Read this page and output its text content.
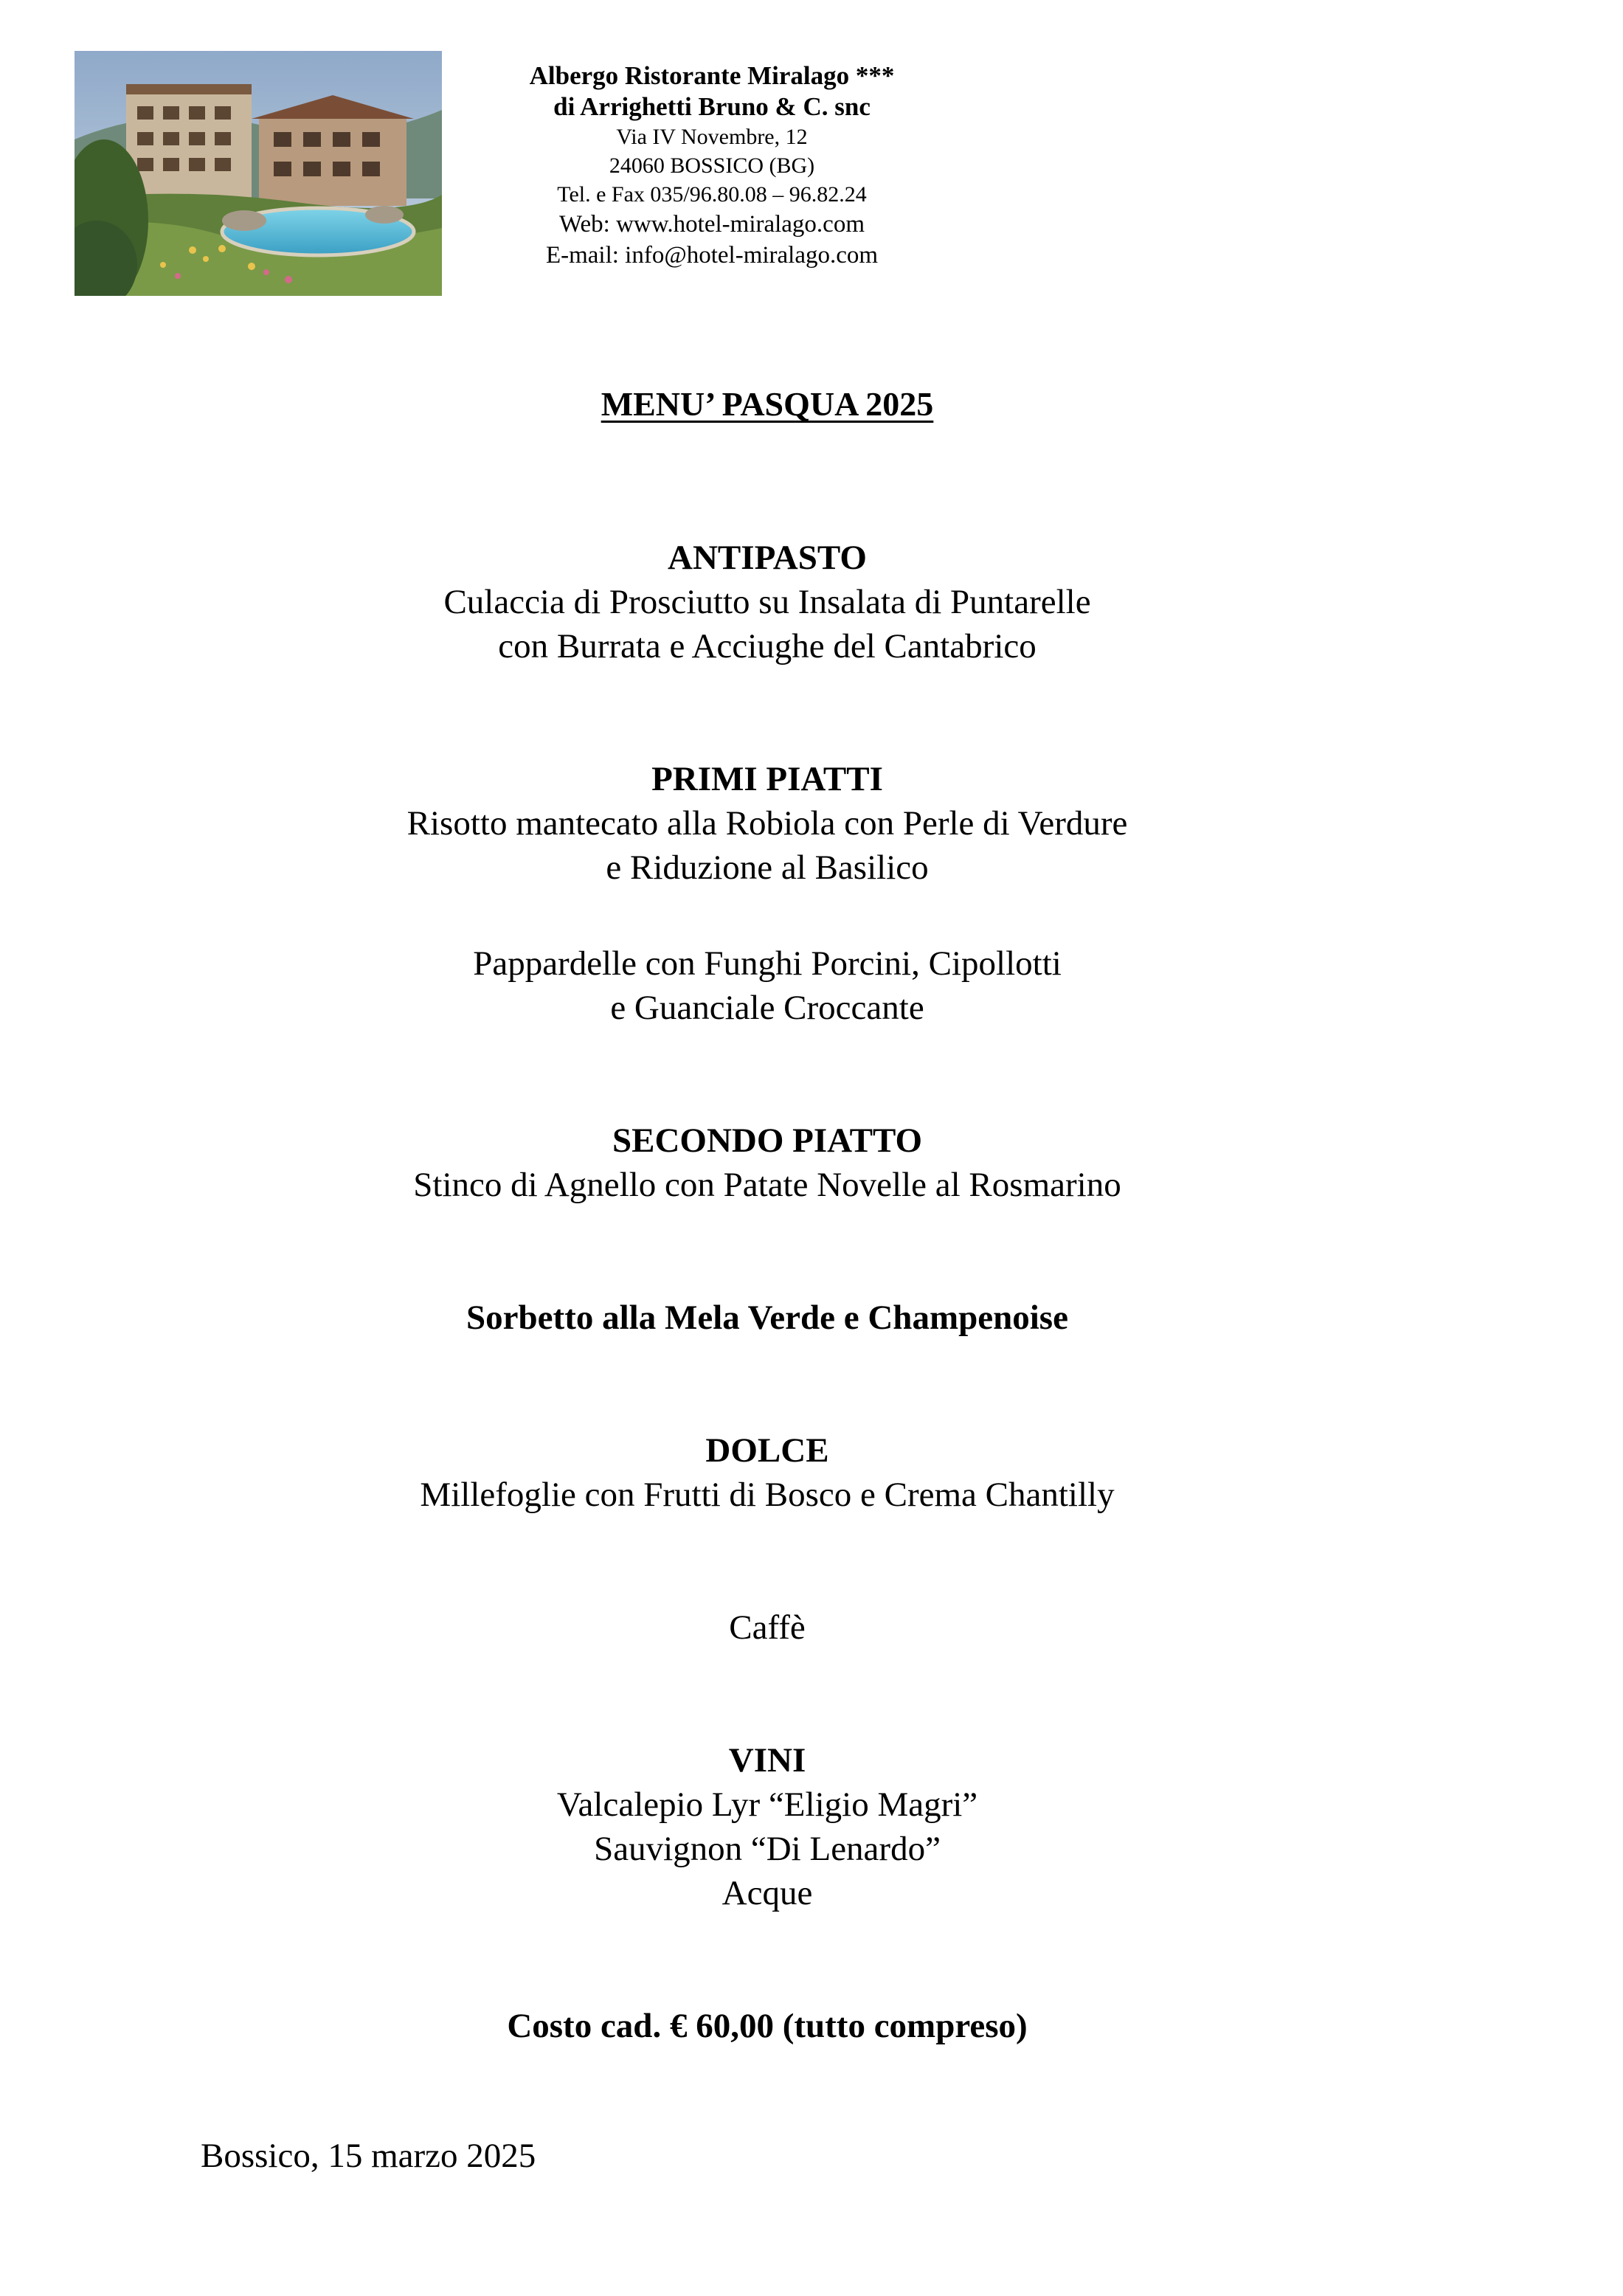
Albergo Ristorante Miralago ***
di Arrighetti Bruno & C. snc
Via IV Novembre, 12
24060 BOSSICO (BG)
Tel. e Fax 035/96.80.08 – 96.82.24
Web: www.hotel-miralago.com
E-mail: info@hotel-miralago.com
MENU’ PASQUA 2025
ANTIPASTO
Culaccia di Prosciutto su Insalata di Puntarelle
con Burrata e Acciughe del Cantabrico
PRIMI PIATTI
Risotto mantecato alla Robiola con Perle di Verdure
e Riduzione al Basilico
Pappardelle con Funghi Porcini, Cipollotti
e Guanciale Croccante
SECONDO PIATTO
Stinco di Agnello con Patate Novelle al Rosmarino
Sorbetto alla Mela Verde e Champenoise
DOLCE
Millefoglie con Frutti di Bosco e Crema Chantilly
Caffè
VINI
Valcalepio Lyr “Eligio Magri”
Sauvignon “Di Lenardo”
Acque
Costo cad. € 60,00 (tutto compreso)
Bossico, 15 marzo 2025
